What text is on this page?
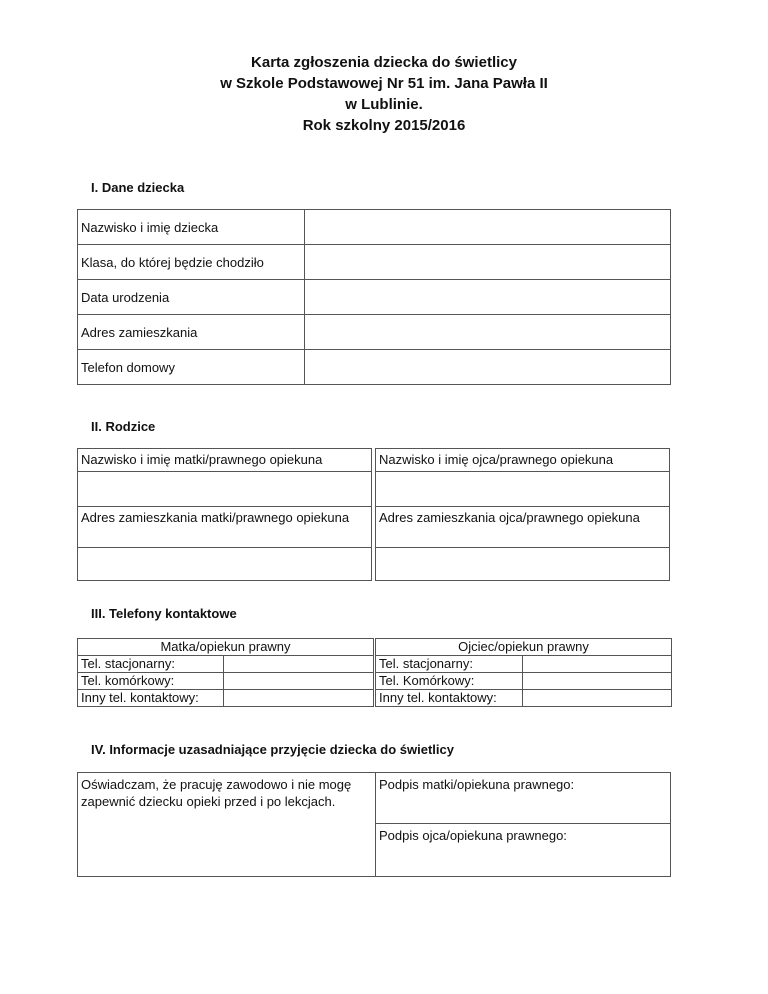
Karta zgłoszenia dziecka do świetlicy
w Szkole Podstawowej Nr 51 im. Jana Pawła II
w Lublinie.
Rok szkolny 2015/2016
I. Dane dziecka
Nazwisko i imię dziecka	
Klasa, do której będzie chodziło	
Data urodzenia	
Adres zamieszkania	
Telefon domowy	
II. Rodzice
Nazwisko i imię matki/prawnego opiekuna

Adres zamieszkania matki/prawnego opiekuna

Nazwisko i imię ojca/prawnego opiekuna

Adres zamieszkania ojca/prawnego opiekuna

III. Telefony kontaktowe
Matka/opiekun prawny	
Tel. stacjonarny:	
Tel. komórkowy:	
Inny tel. kontaktowy:	
Ojciec/opiekun prawny	
Tel. stacjonarny:	
Tel. Komórkowy:	
Inny tel. kontaktowy:	
IV. Informacje uzasadniające przyjęcie dziecka do świetlicy
Oświadczam, że pracuję zawodowo i nie mogę zapewnić dziecku opieki przed i po lekcjach.	Podpis matki/opiekuna prawnego:
Podpis ojca/opiekuna prawnego:
